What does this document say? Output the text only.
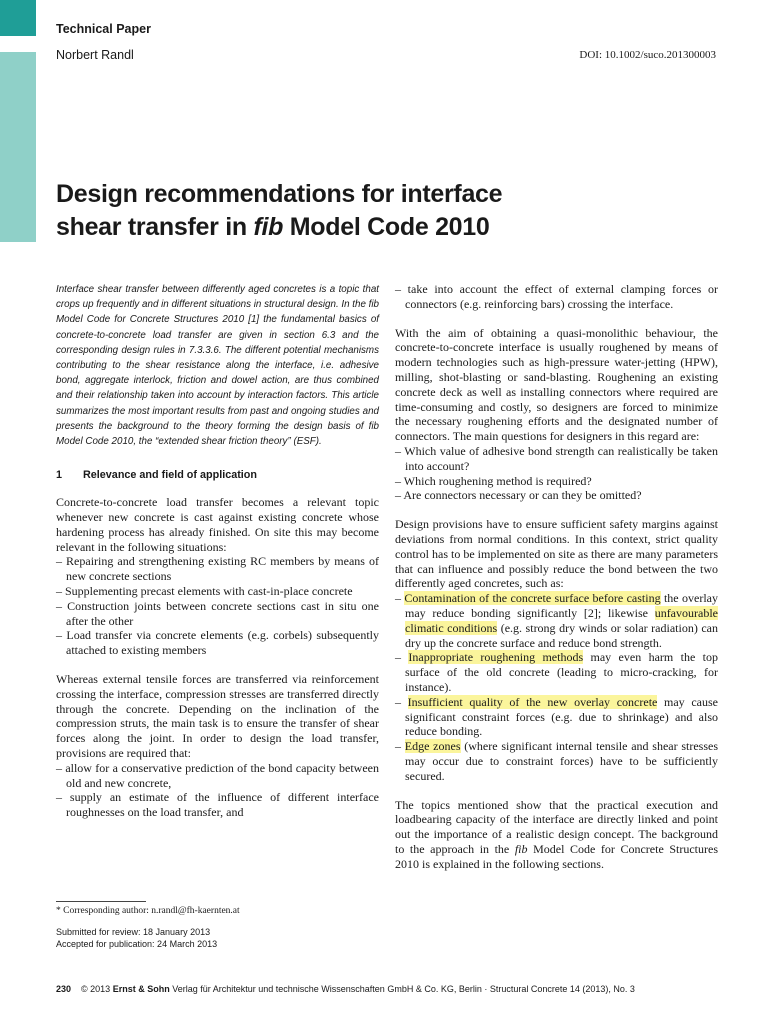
Technical Paper
Norbert Randl	DOI: 10.1002/suco.201300003
Design recommendations for interface
shear transfer in fib Model Code 2010

Interface shear transfer between differently aged concretes is a topic that crops up frequently and in different situations in structural design. In the fib Model Code for Concrete Structures 2010 [1] the fundamental basics of concrete-to-concrete load transfer are given in section 6.3 and the corresponding design rules in 7.3.3.6. The different potential mechanisms contributing to the shear resistance along the interface, i.e. adhesive bond, aggregate interlock, friction and dowel action, are thus combined and their relationship taken into account by interaction factors. This article summarizes the most important results from past and ongoing studies and presents the background to the theory forming the design basis of fib Model Code 2010, the “extended shear friction theory” (ESF).

1 Relevance and field of application

Concrete-to-concrete load transfer becomes a relevant topic whenever new concrete is cast against existing concrete whose hardening process has already finished. On site this may become relevant in the following situations:

– Repairing and strengthening existing RC members by means of new concrete sections
– Supplementing precast elements with cast-in-place concrete
– Construction joints between concrete sections cast in situ one after the other
– Load transfer via concrete elements (e.g. corbels) subsequently attached to existing members

Whereas external tensile forces are transferred via reinforcement crossing the interface, compression stresses are transferred directly through the concrete. Depending on the inclination of the compression struts, the main task is to ensure the transfer of shear forces along the joint. In order to design the load transfer, provisions are required that:

– allow for a conservative prediction of the bond capacity between old and new concrete,
– supply an estimate of the influence of different interface roughnesses on the load transfer, and
– take into account the effect of external clamping forces or connectors (e.g. reinforcing bars) crossing the interface.

With the aim of obtaining a quasi-monolithic behaviour, the concrete-to-concrete interface is usually roughened by means of modern technologies such as high-pressure water-jetting (HPW), milling, shot-blasting or sand-blasting. Roughening an existing concrete deck as well as installing connectors where required are time-consuming and costly, so designers are forced to minimize the necessary roughening efforts and the designated number of connectors. The main questions for designers in this regard are:

– Which value of adhesive bond strength can realistically be taken into account?
– Which roughening method is required?
– Are connectors necessary or can they be omitted?

Design provisions have to ensure sufficient safety margins against deviations from normal conditions. In this context, strict quality control has to be implemented on site as there are many parameters that can influence and possibly reduce the bond between the two differently aged concretes, such as:

– Contamination of the concrete surface before casting the overlay may reduce bonding significantly [2]; likewise unfavourable climatic conditions (e.g. strong dry winds or solar radiation) can dry up the concrete surface and reduce bond strength.
– Inappropriate roughening methods may even harm the top surface of the old concrete (leading to micro-cracking, for instance).
– Insufficient quality of the new overlay concrete may cause significant constraint forces (e.g. due to shrinkage) and also reduce bonding.
– Edge zones (where significant internal tensile and shear stresses may occur due to constraint forces) have to be sufficiently secured.

The topics mentioned show that the practical execution and loadbearing capacity of the interface are directly linked and point out the importance of a realistic design concept. The background to the approach in the fib Model Code for Concrete Structures 2010 is explained in the following sections.

* Corresponding author: n.randl@fh-kaernten.at
Submitted for review: 18 January 2013
Accepted for publication: 24 March 2013
230 © 2013 Ernst & Sohn Verlag für Architektur und technische Wissenschaften GmbH & Co. KG, Berlin · Structural Concrete 14 (2013), No. 3
